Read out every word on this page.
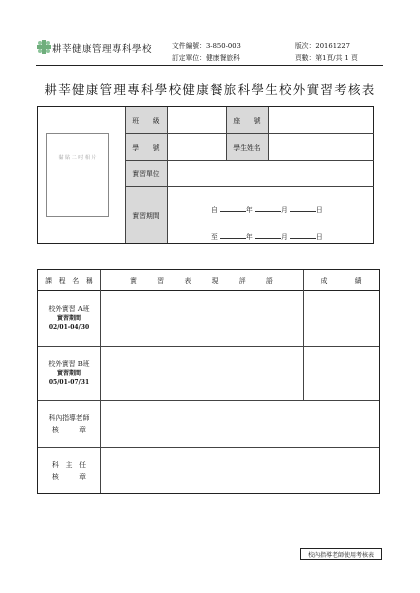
耕莘健康管理專科學校	文件編號：3-850-003
訂定單位：健康餐旅科
版次：20161227
頁數：第1頁/共 1 頁
耕莘健康管理專科學校健康餐旅科學生校外實習考核表
黏 貼 二 吋 相 片
班　　級	座　　號
學　　號	學生姓名
實習單位
實習期間
自	年	月	日
至	年	月	日
課　程　名　稱	實　　　習　　　表　　　現　　　評　　　語	成　　　　績
校外實習 A班
實習期間
02/01-04/30
校外實習 B班
實習期間
05/01-07/31
科內指導老師
核　　　章
科　主　任
核　　　章
校內指導老師使用考核表
